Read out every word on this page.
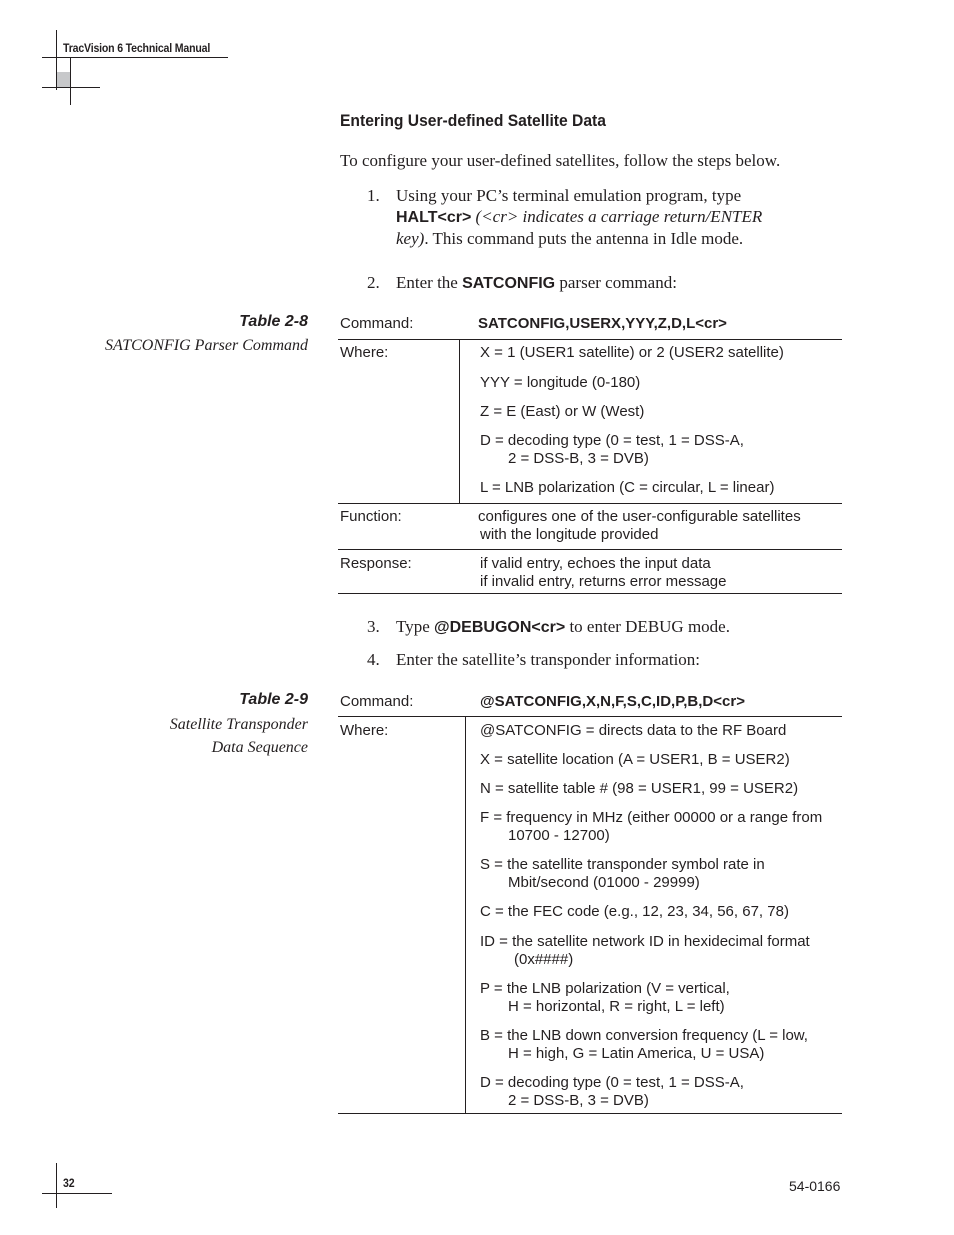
TracVision 6 Technical Manual
Entering User-defined Satellite Data
To configure your user-defined satellites, follow the steps below.
1. Using your PC’s terminal emulation program, type
HALT<cr> (<cr> indicates a carriage return/ENTER
key). This command puts the antenna in Idle mode.
2. Enter the SATCONFIG parser command:
Table 2-8
SATCONFIG Parser Command
Command:	SATCONFIG,USERX,YYY,Z,D,L<cr>
Where:	X = 1 (USER1 satellite) or 2 (USER2 satellite)
YYY = longitude (0-180)
Z = E (East) or W (West)
D = decoding type (0 = test, 1 = DSS-A,
2 = DSS-B, 3 = DVB)
L = LNB polarization (C = circular, L = linear)
Function:	configures one of the user-configurable satellites
with the longitude provided
Response:	if valid entry, echoes the input data
if invalid entry, returns error message
3. Type @DEBUGON<cr> to enter DEBUG mode.
4. Enter the satellite’s transponder information:
Table 2-9
Satellite Transponder
Data Sequence
Command:	@SATCONFIG,X,N,F,S,C,ID,P,B,D<cr>
Where:	@SATCONFIG = directs data to the RF Board
X = satellite location (A = USER1, B = USER2)
N = satellite table # (98 = USER1, 99 = USER2)
F = frequency in MHz (either 00000 or a range from
10700 - 12700)
S = the satellite transponder symbol rate in
Mbit/second (01000 - 29999)
C = the FEC code (e.g., 12, 23, 34, 56, 67, 78)
ID = the satellite network ID in hexidecimal format
(0x####)
P = the LNB polarization (V = vertical,
H = horizontal, R = right, L = left)
B = the LNB down conversion frequency (L = low,
H = high, G = Latin America, U = USA)
D = decoding type (0 = test, 1 = DSS-A,
2 = DSS-B, 3 = DVB)
32	54-0166
